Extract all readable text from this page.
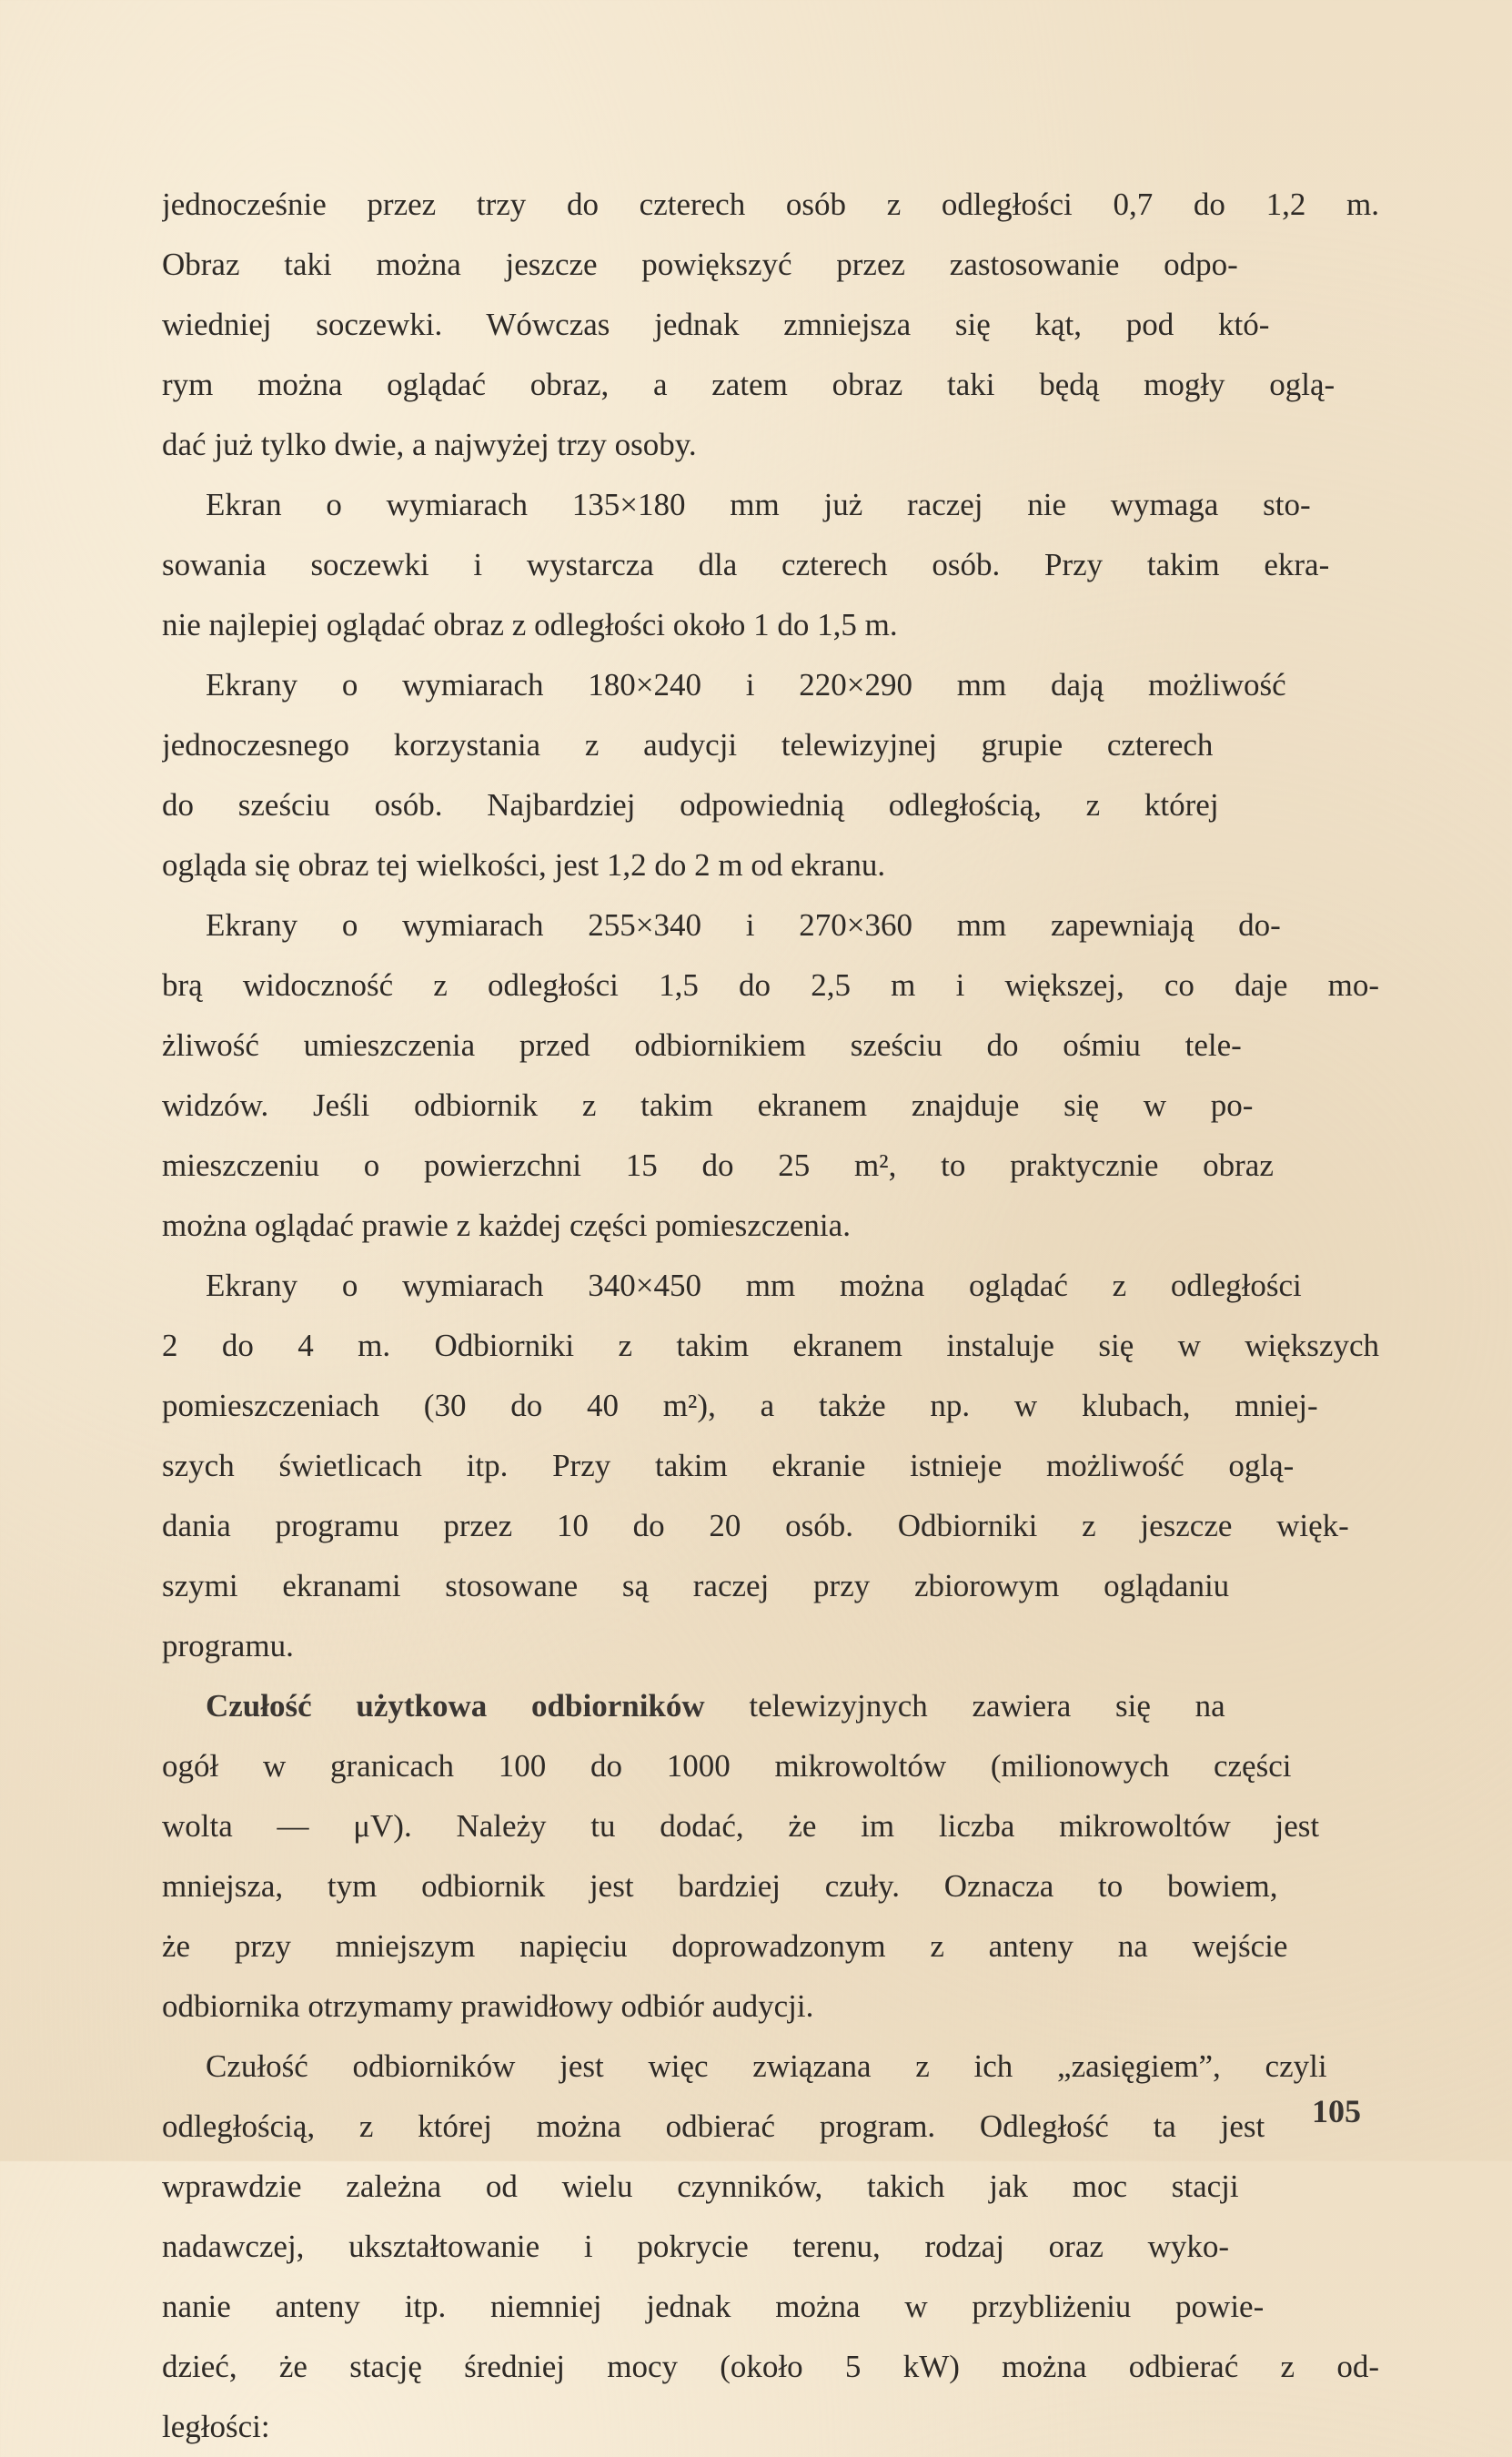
jednocześnie przez trzy do czterech osób z odległości 0,7 do 1,2 m.
Obraz taki można jeszcze powiększyć przez zastosowanie odpo-
wiedniej soczewki. Wówczas jednak zmniejsza się kąt, pod któ-
rym można oglądać obraz, a zatem obraz taki będą mogły oglą-
dać już tylko dwie, a najwyżej trzy osoby.
Ekran o wymiarach 135×180 mm już raczej nie wymaga sto-
sowania soczewki i wystarcza dla czterech osób. Przy takim ekra-
nie najlepiej oglądać obraz z odległości około 1 do 1,5 m.
Ekrany o wymiarach 180×240 i 220×290 mm dają możliwość
jednoczesnego korzystania z audycji telewizyjnej grupie czterech
do sześciu osób. Najbardziej odpowiednią odległością, z której
ogląda się obraz tej wielkości, jest 1,2 do 2 m od ekranu.
Ekrany o wymiarach 255×340 i 270×360 mm zapewniają do-
brą widoczność z odległości 1,5 do 2,5 m i większej, co daje mo-
żliwość umieszczenia przed odbiornikiem sześciu do ośmiu tele-
widzów. Jeśli odbiornik z takim ekranem znajduje się w po-
mieszczeniu o powierzchni 15 do 25 m², to praktycznie obraz
można oglądać prawie z każdej części pomieszczenia.
Ekrany o wymiarach 340×450 mm można oglądać z odległości
2 do 4 m. Odbiorniki z takim ekranem instaluje się w większych
pomieszczeniach (30 do 40 m²), a także np. w klubach, mniej-
szych świetlicach itp. Przy takim ekranie istnieje możliwość oglą-
dania programu przez 10 do 20 osób. Odbiorniki z jeszcze więk-
szymi ekranami stosowane są raczej przy zbiorowym oglądaniu
programu.
Czułość użytkowa odbiorników telewizyjnych zawiera się na
ogół w granicach 100 do 1000 mikrowoltów (milionowych części
wolta — μV). Należy tu dodać, że im liczba mikrowoltów jest
mniejsza, tym odbiornik jest bardziej czuły. Oznacza to bowiem,
że przy mniejszym napięciu doprowadzonym z anteny na wejście
odbiornika otrzymamy prawidłowy odbiór audycji.
Czułość odbiorników jest więc związana z ich „zasięgiem”, czyli
odległością, z której można odbierać program. Odległość ta jest
wprawdzie zależna od wielu czynników, takich jak moc stacji
nadawczej, ukształtowanie i pokrycie terenu, rodzaj oraz wyko-
nanie anteny itp. niemniej jednak można w przybliżeniu powie-
dzieć, że stację średniej mocy (około 5 kW) można odbierać z od-
ległości:
105
